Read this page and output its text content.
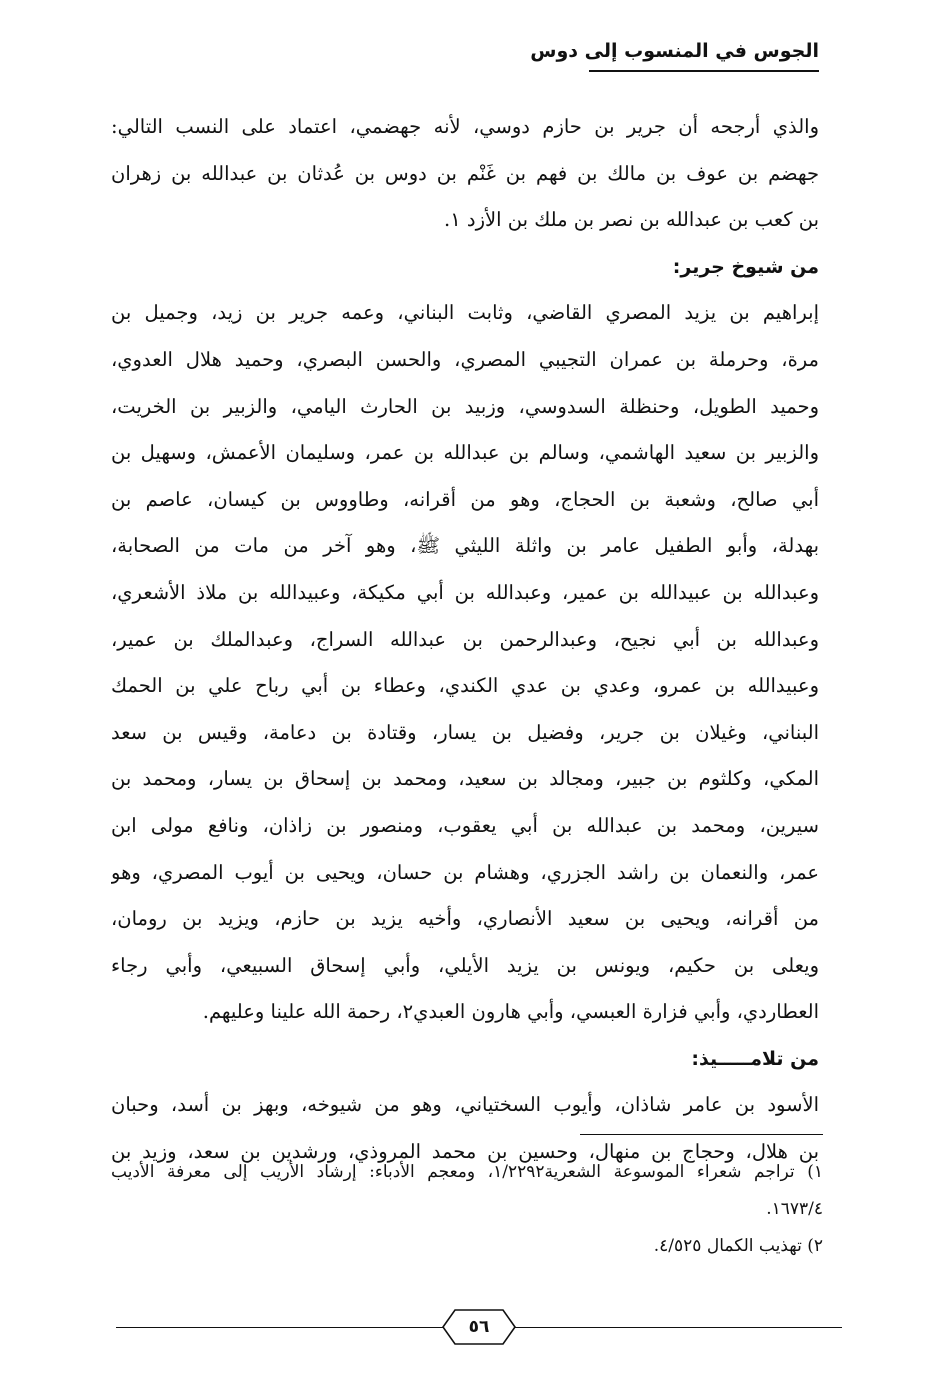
الجوس في المنسوب إلى دوس
والذي أرجحه أن جرير بن حازم دوسي، لأنه جهضمي، اعتماد على النسب التالي:
جهضم بن عوف بن مالك بن فهم بن غَنْم بن دوس بن عُدثان بن عبدالله بن زهران
بن كعب بن عبدالله بن نصر بن ملك بن الأزد ١.
من شيوخ جرير:
إبراهيم بن يزيد المصري القاضي، وثابت البناني، وعمه جرير بن زيد، وجميل بن
مرة، وحرملة بن عمران التجيبي المصري، والحسن البصري، وحميد هلال العدوي،
وحميد الطويل، وحنظلة السدوسي، وزبيد بن الحارث اليامي، والزبير بن الخريت،
والزبير بن سعيد الهاشمي، وسالم بن عبدالله بن عمر، وسليمان الأعمش، وسهيل بن
أبي صالح، وشعبة بن الحجاج، وهو من أقرانه، وطاووس بن كيسان، عاصم بن
بهدلة، وأبو الطفيل عامر بن واثلة الليثي ﷺ، وهو آخر من مات من الصحابة،
وعبدالله بن عبيدالله بن عمير، وعبدالله بن أبي مكيكة، وعبيدالله بن ملاذ الأشعري،
وعبدالله بن أبي نجيح، وعبدالرحمن بن عبدالله السراج، وعبدالملك بن عمير،
وعبيدالله بن عمرو، وعدي بن عدي الكندي، وعطاء بن أبي رباح علي بن الحمك
البناني، وغيلان بن جرير، وفضيل بن يسار، وقتادة بن دعامة، وقيس بن سعد
المكي، وكلثوم بن جبير، ومجالد بن سعيد، ومحمد بن إسحاق بن يسار، ومحمد بن
سيرين، ومحمد بن عبدالله بن أبي يعقوب، ومنصور بن زاذان، ونافع مولى ابن
عمر، والنعمان بن راشد الجزري، وهشام بن حسان، ويحيى بن أيوب المصري، وهو
من أقرانه، ويحيى بن سعيد الأنصاري، وأخيه يزيد بن حازم، ويزيد بن رومان،
ويعلى بن حكيم، ويونس بن يزيد الأيلي، وأبي إسحاق السبيعي، وأبي رجاء
العطاردي، وأبي فزارة العبسي، وأبي هارون العبدي٢، رحمة الله علينا وعليهم.
من تلامـــــيذ:
الأسود بن عامر شاذان، وأيوب السختياني، وهو من شيوخه، وبهز بن أسد، وحبان
بن هلال، وحجاج بن منهال، وحسين بن محمد المروذي، ورشدين بن سعد، وزيد بن
١) تراجم شعراء الموسوعة الشعرية١/٢٢٩٢، ومعجم الأدباء: إرشاد الأريب إلى معرفة الأديب
١٦٧٣/٤.
٢) تهذيب الكمال ٤/٥٢٥.
٥٦
